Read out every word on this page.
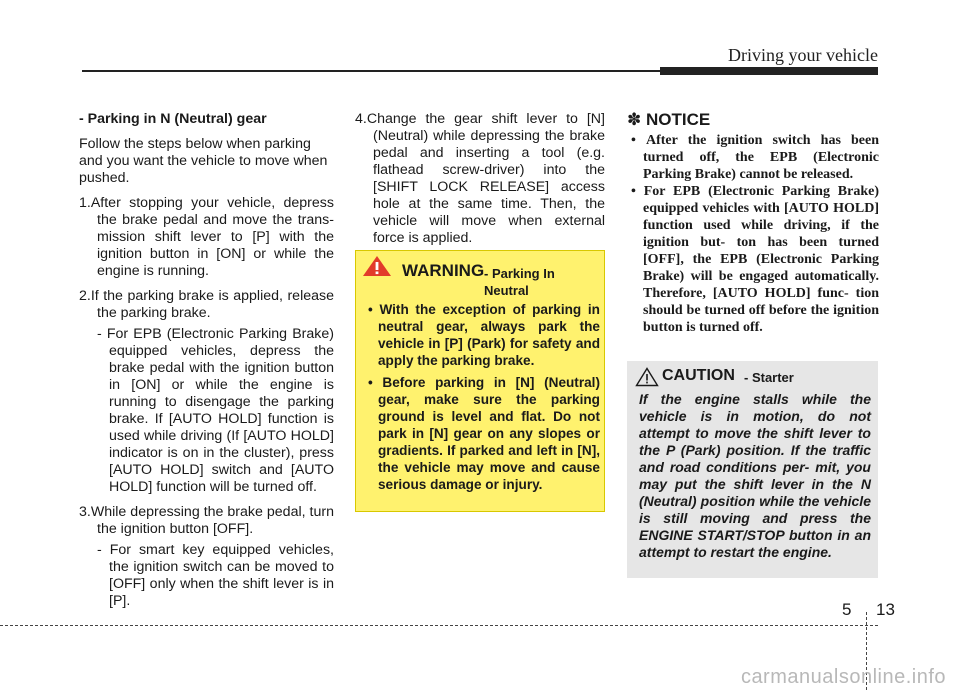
Driving your vehicle

- Parking in N (Neutral) gear

Follow the steps below when parking and you want the vehicle to move when pushed.

1.After stopping your vehicle, depress the brake pedal and move the trans- mission shift lever to [P] with the ignition button in [ON] or while the engine is running.

2.If the parking brake is applied, release the parking brake.

- For EPB (Electronic Parking Brake) equipped vehicles, depress the brake pedal with the ignition button in [ON] or while the engine is running to disengage the parking brake. If [AUTO HOLD] function is used while driving (If [AUTO HOLD] indicator is on in the cluster), press [AUTO HOLD] switch and [AUTO HOLD] function will be turned off.

3.While depressing the brake pedal, turn the ignition button [OFF].

- For smart key equipped vehicles, the ignition switch can be moved to [OFF] only when the shift lever is in [P].

4.Change the gear shift lever to [N] (Neutral) while depressing the brake pedal and inserting a tool (e.g. flathead screw-driver) into the [SHIFT LOCK RELEASE] access hole at the same time. Then, the vehicle will move when external force is applied.

WARNING - Parking In Neutral
• With the exception of parking in neutral gear, always park the vehicle in [P] (Park) for safety and apply the parking brake.
• Before parking in [N] (Neutral) gear, make sure the parking ground is level and flat. Do not park in [N] gear on any slopes or gradients. If parked and left in [N], the vehicle may move and cause serious damage or injury.

✽ NOTICE

• After the ignition switch has been turned off, the EPB (Electronic Parking Brake) cannot be released.
• For EPB (Electronic Parking Brake) equipped vehicles with [AUTO HOLD] function used while driving, if the ignition but- ton has been turned [OFF], the EPB (Electronic Parking Brake) will be engaged automatically. Therefore, [AUTO HOLD] func- tion should be turned off before the ignition button is turned off.
CAUTION - Starter

If the engine stalls while the vehicle is in motion, do not attempt to move the shift lever to the P (Park) position. If the traffic and road conditions per- mit, you may put the shift lever in the N (Neutral) position while the vehicle is still moving and press the ENGINE START/STOP button in an attempt to restart the engine.

5 13
carmanualsonline.info
